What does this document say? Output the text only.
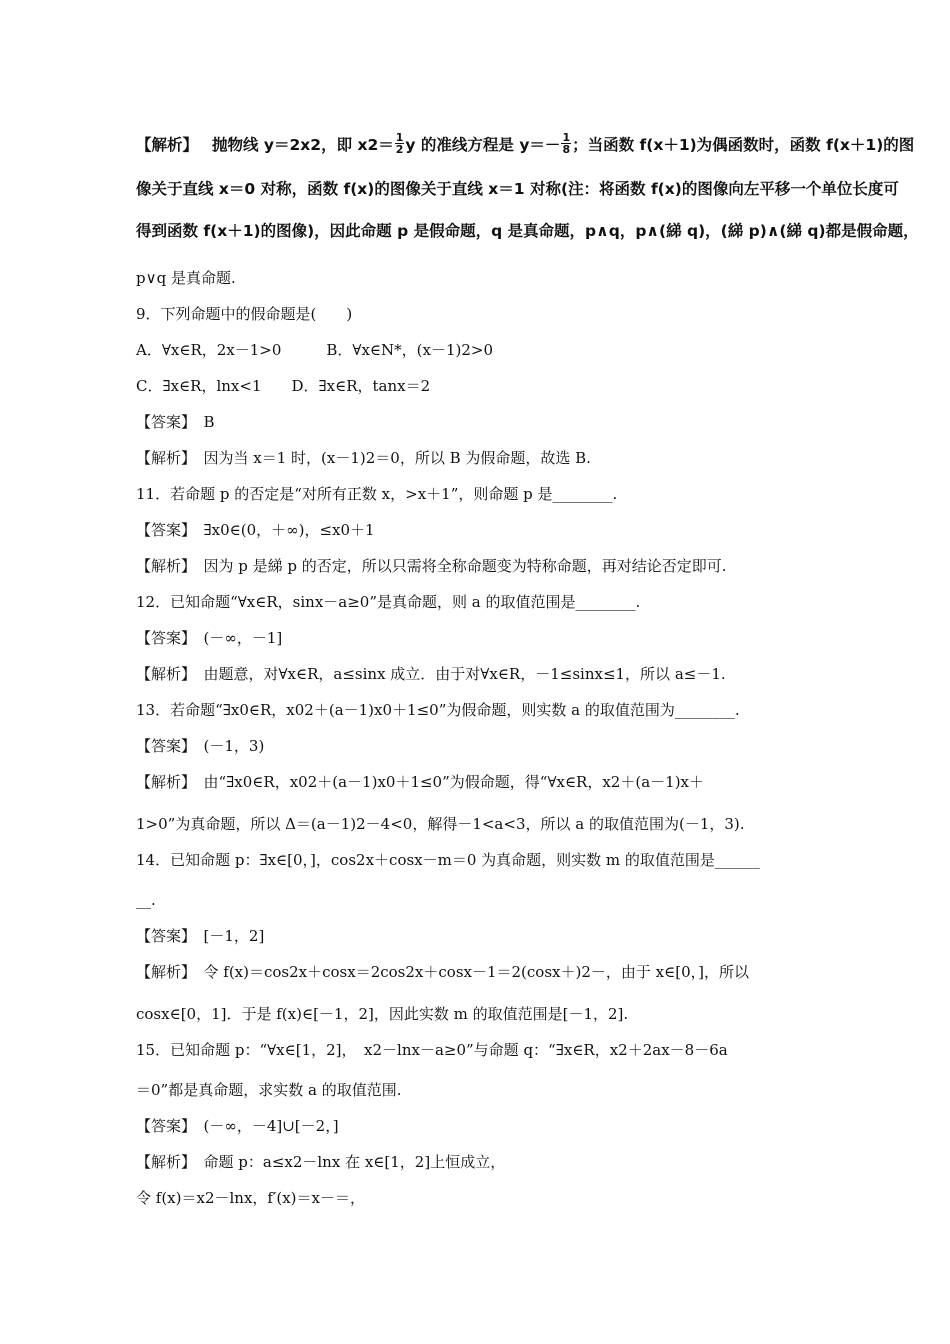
【解析】 抛物线 y＝2x2，即 $x2= \frac{1}{2}$ y 的准线方程是 $y=- \frac{1}{8}$ ；当函数 f(x＋1)为偶函数时，函数 f(x＋1)的图
像关于直线 x＝0 对称，函数 f(x)的图像关于直线 x＝1 对称(注：将函数 f(x)的图像向左平移一个单位长度可
得到函数 f(x＋1)的图像)，因此命题 p 是假命题，q 是真命题，p∧q，p∧(綈 q)，(綈 p)∧(綈 q)都是假命题，
p∨q 是真命题.
9．下列命题中的假命题是(　　)
A．∀x∈R，2x－1>0　　　B．∀x∈N*，(x－1)2>0
C．∃x∈R，lnx<1　　D．∃x∈R，tanx＝2
【答案】　B
【解析】　因为当 x＝1 时，(x－1)2＝0，所以 B 为假命题，故选 B.
11．若命题 p 的否定是“对所有正数 x，>x＋1”，则命题 p 是________.
【答案】　∃x0∈(0，＋∞)，≤x0＋1
【解析】　因为 p 是綈 p 的否定，所以只需将全称命题变为特称命题，再对结论否定即可.
12．已知命题“∀x∈R，sinx－a≥0”是真命题，则 a 的取值范围是________.
【答案】　(－∞，－1]
【解析】　由题意，对∀x∈R，a≤sinx 成立．由于对∀x∈R，－1≤sinx≤1，所以 a≤－1.
13．若命题“∃x0∈R，x02＋(a－1)x0＋1≤0”为假命题，则实数 a 的取值范围为________.
【答案】　(－1，3)
【解析】　由“∃x0∈R，x02＋(a－1)x0＋1≤0”为假命题，得“∀x∈R，x2＋(a－1)x＋
1>0”为真命题，所以 Δ＝(a－1)2－4<0，解得－1<a<3，所以 a 的取值范围为(－1，3).
14．已知命题 p：∃x∈[0，]，cos2x＋cosx－m＝0 为真命题，则实数 m 的取值范围是______
__.
【答案】　[－1，2]
【解析】　令 f(x)＝cos2x＋cosx＝2cos2x＋cosx－1＝2(cosx＋)2－，由于 x∈[0，]，所以
cosx∈[0，1]．于是 f(x)∈[－1，2]，因此实数 m 的取值范围是[－1，2].
15．已知命题 p：“∀x∈[1，2]，　x2－lnx－a≥0”与命题 q：“∃x∈R，x2＋2ax－8－6a
＝0”都是真命题，求实数 a 的取值范围.
【答案】　(－∞，－4]∪[－2，]
【解析】　命题 p：a≤x2－lnx 在 x∈[1，2]上恒成立，
令 f(x)＝x2－lnx，f′(x)＝x－＝，
